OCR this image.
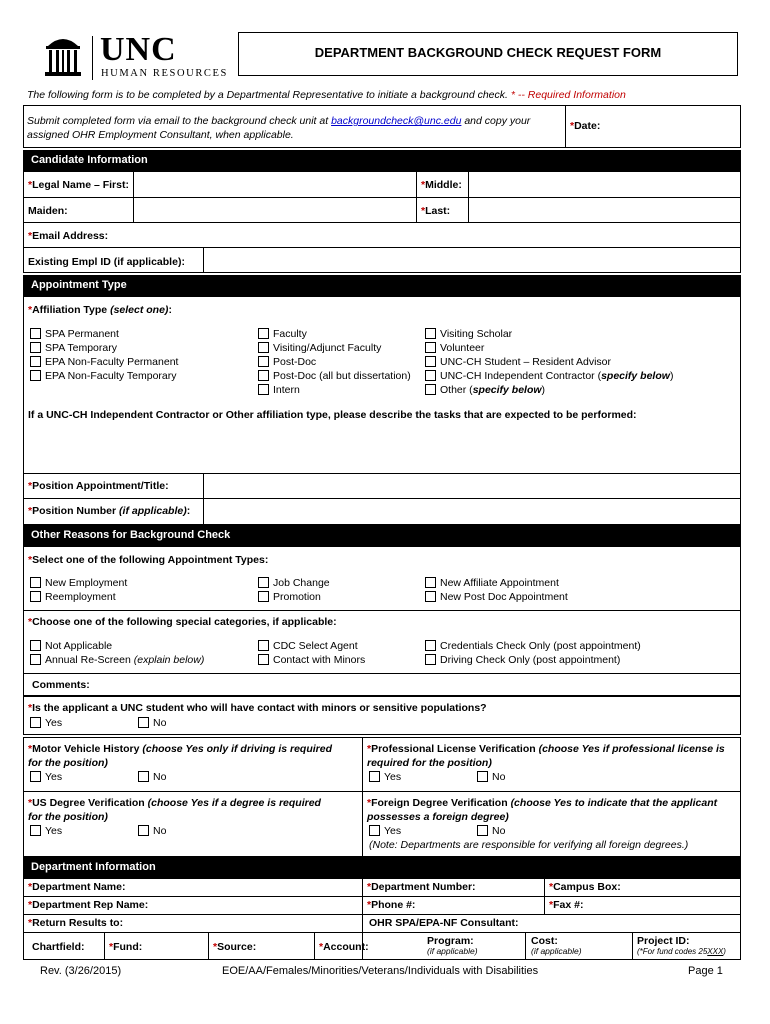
UNC
HUMAN RESOURCES
DEPARTMENT BACKGROUND CHECK REQUEST FORM
The following form is to be completed by a Departmental Representative to initiate a background check. * -- Required Information
Submit completed form via email to the background check unit at backgroundcheck@unc.edu and copy your
assigned OHR Employment Consultant, when applicable.
*Date:
Candidate Information
*Legal Name – First:	*Middle:
Maiden:	*Last:
*Email Address:
Existing Empl ID (if applicable):
Appointment Type
*Affiliation Type (select one):
SPA Permanent
SPA Temporary
EPA Non-Faculty Permanent
EPA Non-Faculty Temporary
Faculty
Visiting/Adjunct Faculty
Post-Doc
Post-Doc (all but dissertation)
Intern
Visiting Scholar
Volunteer
UNC-CH Student – Resident Advisor
UNC-CH Independent Contractor (specify below)
Other (specify below)
If a UNC-CH Independent Contractor or Other affiliation type, please describe the tasks that are expected to be performed:
*Position Appointment/Title:
*Position Number (if applicable):
Other Reasons for Background Check
*Select one of the following Appointment Types:
New Employment
Reemployment
Job Change
Promotion
New Affiliate Appointment
New Post Doc Appointment
*Choose one of the following special categories, if applicable:
Not Applicable
Annual Re-Screen (explain below)
CDC Select Agent
Contact with Minors
Credentials Check Only (post appointment)
Driving Check Only (post appointment)
Comments:
*Is the applicant a UNC student who will have contact with minors or sensitive populations?
Yes	No
*Motor Vehicle History (choose Yes only if driving is required
for the position)
Yes	No
*Professional License Verification (choose Yes if professional license is
required for the position)
Yes	No
*US Degree Verification (choose Yes if a degree is required
for the position)
Yes	No
*Foreign Degree Verification (choose Yes to indicate that the applicant
possesses a foreign degree)
Yes	No
(Note: Departments are responsible for verifying all foreign degrees.)
Department Information
*Department Name:	*Department Number:	*Campus Box:
*Department Rep Name:	*Phone #:	*Fax #:
*Return Results to:	OHR SPA/EPA-NF Consultant:
Chartfield: *Fund:	*Source:	*Account:	Program:
(if applicable)
Cost:
(if applicable)
Project ID:
(*For fund codes 25XXX)
Rev. (3/26/2015)	EOE/AA/Females/Minorities/Veterans/Individuals with Disabilities	Page 1
